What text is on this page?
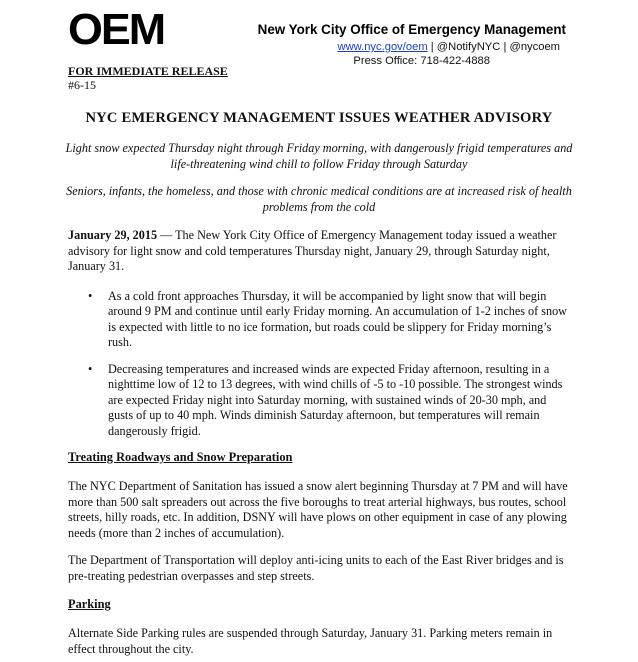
OEM	New York City Office of Emergency Management
www.nyc.gov/oem | @NotifyNYC | @nycoem
Press Office: 718-422-4888
FOR IMMEDIATE RELEASE
#6-15
NYC EMERGENCY MANAGEMENT ISSUES WEATHER ADVISORY
Light snow expected Thursday night through Friday morning, with dangerously frigid temperatures and life-threatening wind chill to follow Friday through Saturday
Seniors, infants, the homeless, and those with chronic medical conditions are at increased risk of health problems from the cold
January 29, 2015 — The New York City Office of Emergency Management today issued a weather advisory for light snow and cold temperatures Thursday night, January 29, through Saturday night, January 31.
• As a cold front approaches Thursday, it will be accompanied by light snow that will begin around 9 PM and continue until early Friday morning. An accumulation of 1-2 inches of snow is expected with little to no ice formation, but roads could be slippery for Friday morning’s rush.
• Decreasing temperatures and increased winds are expected Friday afternoon, resulting in a nighttime low of 12 to 13 degrees, with wind chills of -5 to -10 possible. The strongest winds are expected Friday night into Saturday morning, with sustained winds of 20-30 mph, and gusts of up to 40 mph. Winds diminish Saturday afternoon, but temperatures will remain dangerously frigid.
Treating Roadways and Snow Preparation
The NYC Department of Sanitation has issued a snow alert beginning Thursday at 7 PM and will have more than 500 salt spreaders out across the five boroughs to treat arterial highways, bus routes, school streets, hilly roads, etc. In addition, DSNY will have plows on other equipment in case of any plowing needs (more than 2 inches of accumulation).
The Department of Transportation will deploy anti-icing units to each of the East River bridges and is pre-treating pedestrian overpasses and step streets.
Parking
Alternate Side Parking rules are suspended through Saturday, January 31. Parking meters remain in effect throughout the city.
